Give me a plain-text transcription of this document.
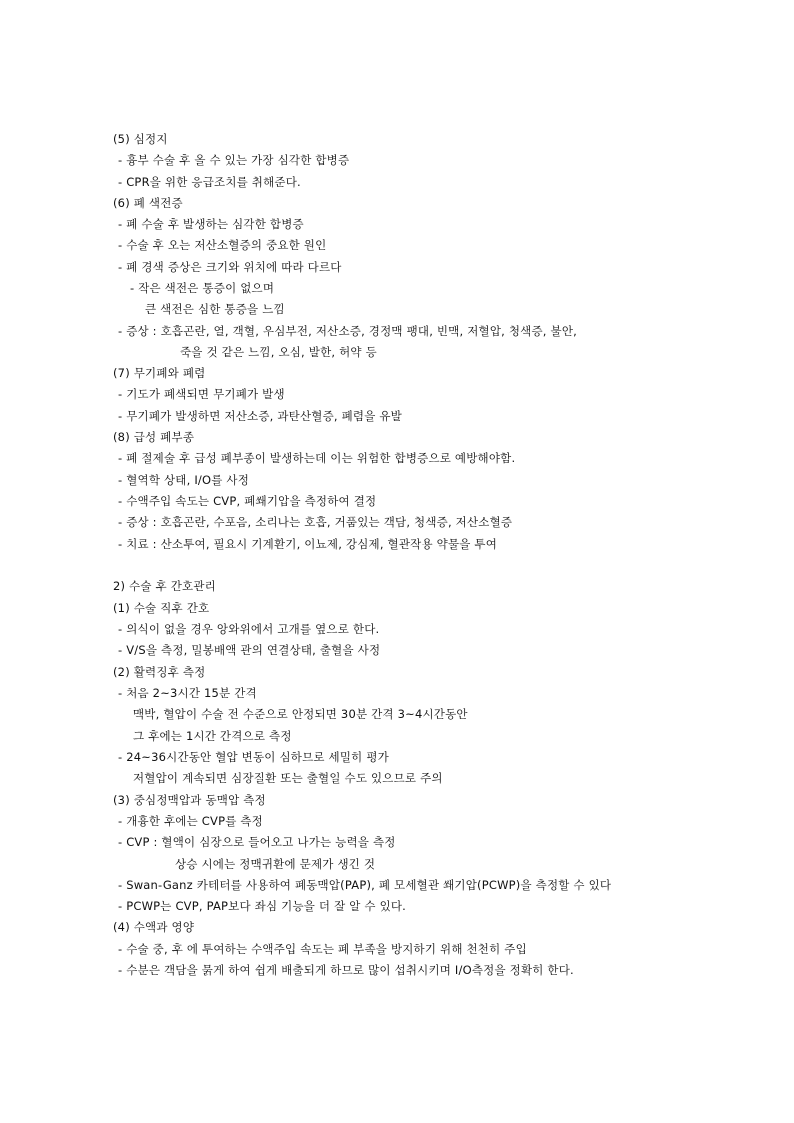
(5) 심정지
- 흉부 수술 후 올 수 있는 가장 심각한 합병증
- CPR을 위한 응급조치를 취해준다.
(6) 폐 색전증
- 폐 수술 후 발생하는 심각한 합병증
- 수술 후 오는 저산소혈증의 중요한 원인
- 폐 경색 증상은 크기와 위치에 따라 다르다
- 작은 색전은 통증이 없으며
큰 색전은 심한 통증을 느낌
- 증상 : 호흡곤란, 열, 객혈, 우심부전, 저산소증, 경정맥 팽대, 빈맥, 저혈압, 청색증, 불안,
죽을 것 같은 느낌, 오심, 발한, 허약 등
(7) 무기폐와 폐렴
- 기도가 폐색되면 무기폐가 발생
- 무기폐가 발생하면 저산소증, 과탄산혈증, 폐렴을 유발
(8) 급성 폐부종
- 폐 절제술 후 급성 폐부종이 발생하는데 이는 위험한 합병증으로 예방해야함.
- 혈역학 상태, I/O를 사정
- 수액주입 속도는 CVP, 폐쐐기압을 측정하여 결정
- 증상 : 호흡곤란, 수포음, 소리나는 호흡, 거품있는 객담, 청색증, 저산소혈증
- 치료 : 산소투여, 필요시 기계환기, 이뇨제, 강심제, 혈관작용 약물을 투여
2) 수술 후 간호관리
(1) 수술 직후 간호
- 의식이 없을 경우 앙와위에서 고개를 옆으로 한다.
- V/S을 측정, 밀봉배액 관의 연결상태, 출혈을 사정
(2) 활력징후 측정
- 처음 2~3시간 15분 간격
맥박, 혈압이 수술 전 수준으로 안정되면 30분 간격 3~4시간동안
그 후에는 1시간 간격으로 측정
- 24~36시간동안 혈압 변동이 심하므로 세밀히 평가
저혈압이 계속되면 심장질환 또는 출혈일 수도 있으므로 주의
(3) 중심정맥압과 동맥압 측정
- 개흉한 후에는 CVP를 측정
- CVP : 혈액이 심장으로 들어오고 나가는 능력을 측정
상승 시에는 정맥귀환에 문제가 생긴 것
- Swan-Ganz 카테터를 사용하여 폐동맥압(PAP), 폐 모세혈관 쐐기압(PCWP)을 측정할 수 있다
- PCWP는 CVP, PAP보다 좌심 기능을 더 잘 알 수 있다.
(4) 수액과 영양
- 수술 중, 후 에 투여하는 수액주입 속도는 폐 부족을 방지하기 위해 천천히 주입
- 수분은 객담을 묽게 하여 쉽게 배출되게 하므로 많이 섭취시키며 I/O측정을 정확히 한다.
